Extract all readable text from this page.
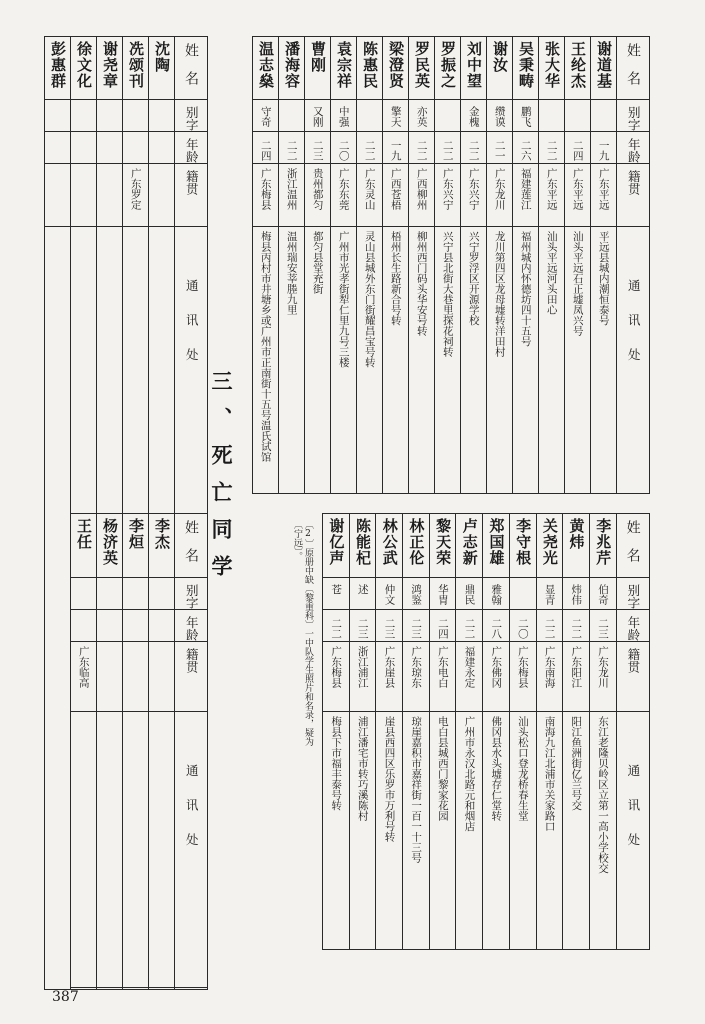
温志燊	潘海容	曹刚	袁宗祥	陈惠民	梁澄贤	罗民英	罗振之	刘中望	谢汝	吴秉畴	张大华	王纶杰	谢道基	姓名

守奇		又刚	中强		擎天	亦英		金槐	缵谟	鹏飞				别字

二四	二二	二三	二〇	二二	一九	二二	二二	二二	二一	二六	二二	二四	一九	年龄

广东梅县	浙江温州	贵州都匀	广东东莞	广东灵山	广西苍梧	广西柳州	广东兴宁	广东兴宁	广东龙川	福建莲江	广东平远	广东平远	广东平远	籍贯

梅县丙村市井塘乡或广州市正南街十五号温氏试馆	温州瑞安莘塍九里	都匀县堂充街	广州市光孝街犁仁里九号三楼	灵山县城外东门街耀昌宝号转	梧州长生路新合号转	柳州西门码头华安号转	兴宁县北街大巷里探花祠转	兴宁罗浮区开源学校	龙川第四区龙母墟转洋田村	福州城内怀德坊四十五号	汕头平远河头田心	汕头平远石正墟凤兴号	平远县城内潮恒泰号	通讯处
彭惠群	徐文化	谢尧章	冼颂刊	沈陶	姓名

					别字

					年龄

			广东罗定		籍贯

					通讯处
谢亿声	陈能杞	林公武	林正伦	黎天荣	卢志新	郑国雄	李守根	关尧光	黄炜	李兆芹	姓名

苍	述	仲文	鸿鉴	华胄	鼎民	雅翰		显青	炜伟	伯奇	别字

二二	二三	二三	二三	二四	二二	二八	二〇	二二	二二	二三	年龄

广东梅县	浙江浦江	广东崖县	广东琼东	广东电白	福建永定	广东佛冈	广东梅县	广东南海	广东阳江	广东龙川	籍贯

梅县下市福丰泰号转	浦江潘宅市转巧溪陈村	崖县西四区乐罗市万利号转	琼崖嘉积市嘉祥街一百一十三号	电白县城西门黎家花园	广州市永汉北路元和烟店	佛冈县水头墟存仁堂转	汕头松口登龙桥春生堂	南海九江北浦市关家路口	阳江鱼洲街亿兰号交	东江老隆贝岭区立第一高小学校交	通讯处
三、死亡同学
〔2〕原册中缺〔黎重科〕一中队学生照片和名录，疑为〔宁远〕。
387
王任	杨济英	李烜	李杰	姓名

				别字

				年龄

广东临高				籍贯

				通讯处
